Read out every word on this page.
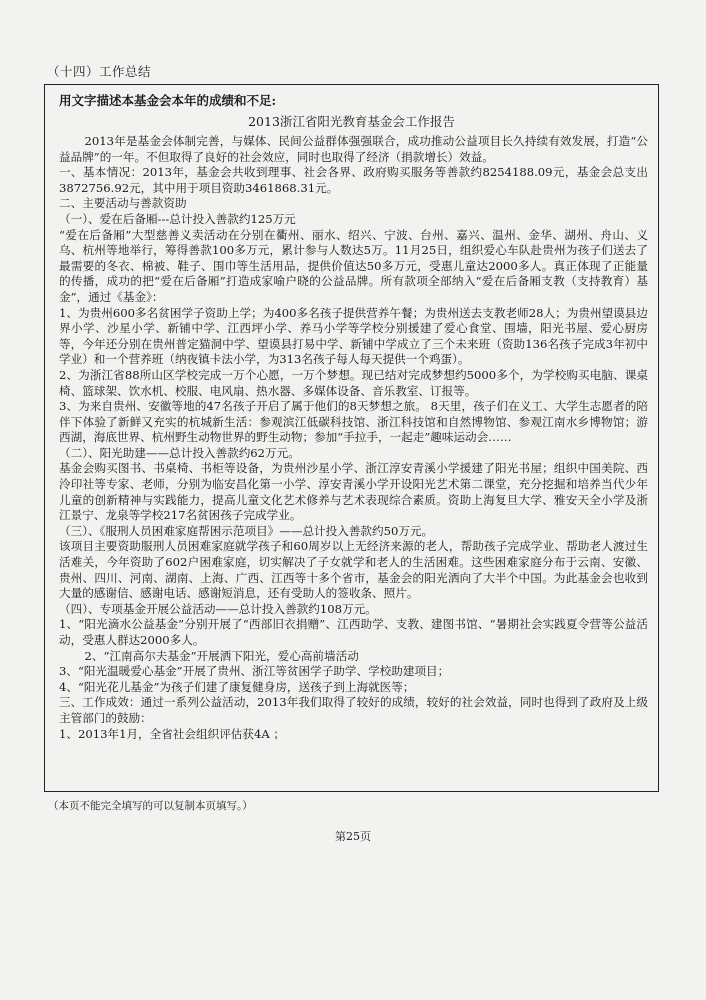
（十四）工作总结
用文字描述本基金会本年的成绩和不足:
2013浙江省阳光教育基金会工作报告

2013年是基金会体制完善，与媒体、民间公益群体强强联合，成功推动公益项目长久持续有效发展，打造“公益品牌”的一年。不但取得了良好的社会效应，同时也取得了经济（捐款增长）效益。

一、基本情况：2013年，基金会共收到理事、社会各界、政府购买服务等善款约8254188.09元，基金会总支出3872756.92元，其中用于项目资助3461868.31元。

二、主要活动与善款资助

（一）、爱在后备厢---总计投入善款约125万元

“爱在后备厢”大型慈善义卖活动在分别在衢州、丽水、绍兴、宁波、台州、嘉兴、温州、金华、湖州、舟山、义乌、杭州等地举行，筹得善款100多万元，累计参与人数达5万。11月25日，组织爱心车队赴贵州为孩子们送去了最需要的冬衣、棉被、鞋子、围巾等生活用品，提供价值达50多万元，受惠儿童达2000多人。真正体现了正能量的传播，成功的把“爱在后备厢”打造成家喻户晓的公益品牌。所有款项全部纳入“爱在后备厢支教（支持教育）基金”，通过《基金》：

1、为贵州600多名贫困学子资助上学；为400多名孩子提供营养午餐；为贵州送去支教老师28人；为贵州望谟县边界小学、沙星小学、新铺中学、江西坪小学、养马小学等学校分别援建了爱心食堂、围墙，阳光书屋、爱心厨房等，今年还分别在贵州普定猫洞中学、望谟县打易中学、新铺中学成立了三个未来班（资助136名孩子完成3年初中学业）和一个营养班（纳夜镇卡法小学，为313名孩子每人每天提供一个鸡蛋）。

2、为浙江省88所山区学校完成一万个心愿，一万个梦想。现已结对完成梦想约5000多个，为学校购买电脑、课桌椅、篮球架、饮水机、校服、电风扇、热水器、多媒体设备、音乐教室、订报等。

3、为来自贵州、安徽等地的47名孩子开启了属于他们的8天梦想之旅。 8天里，孩子们在义工、大学生志愿者的陪伴下体验了新鲜又充实的杭城新生活：参观滨江低碳科技馆、浙江科技馆和自然博物馆、参观江南水乡博物馆；游西湖，海底世界、杭州野生动物世界的野生动物；参加“手拉手，一起走”趣味运动会……

（二）、阳光助建——总计投入善款约62万元。

基金会购买图书、书桌椅、书柜等设备，为贵州沙星小学、浙江淳安青溪小学援建了阳光书屋；组织中国美院、西泠印社等专家、老师，分别为临安昌化第一小学、淳安青溪小学开设阳光艺术第二课堂，充分挖掘和培养当代少年儿童的创新精神与实践能力，提高儿童文化艺术修养与艺术表现综合素质。资助上海复旦大学、雅安天全小学及浙江景宁、龙泉等学校217名贫困孩子完成学业。

（三）、《服刑人员困难家庭帮困示范项目》——总计投入善款约50万元。

该项目主要资助服刑人员困难家庭就学孩子和60周岁以上无经济来源的老人，帮助孩子完成学业、帮助老人渡过生活难关，今年资助了602户困难家庭，切实解决了子女就学和老人的生活困难。这些困难家庭分布于云南、安徽、贵州、四川、河南、湖南、上海、广西、江西等十多个省市，基金会的阳光洒向了大半个中国。为此基金会也收到大量的感谢信、感谢电话、感谢短消息，还有受助人的签收条、照片。

（四）、专项基金开展公益活动——总计投入善款约108万元。

1、“阳光滴水公益基金”分别开展了“西部旧衣捐赠”、江西助学、支教、建图书馆、“暑期社会实践夏令营等公益活动，受惠人群达2000多人。

2、“江南高尔夫基金”开展洒下阳光，爱心高前墙活动

3、“阳光温暖爱心基金”开展了贵州、浙江等贫困学子助学、学校助建项目；

4、“阳光花儿基金”为孩子们建了康复健身房，送孩子到上海就医等；

三、工作成效：通过一系列公益活动，2013年我们取得了较好的成绩，较好的社会效益，同时也得到了政府及上级主管部门的鼓励：

1、2013年1月，全省社会组织评估获4A ；

（本页不能完全填写的可以复制本页填写。）
第25页
